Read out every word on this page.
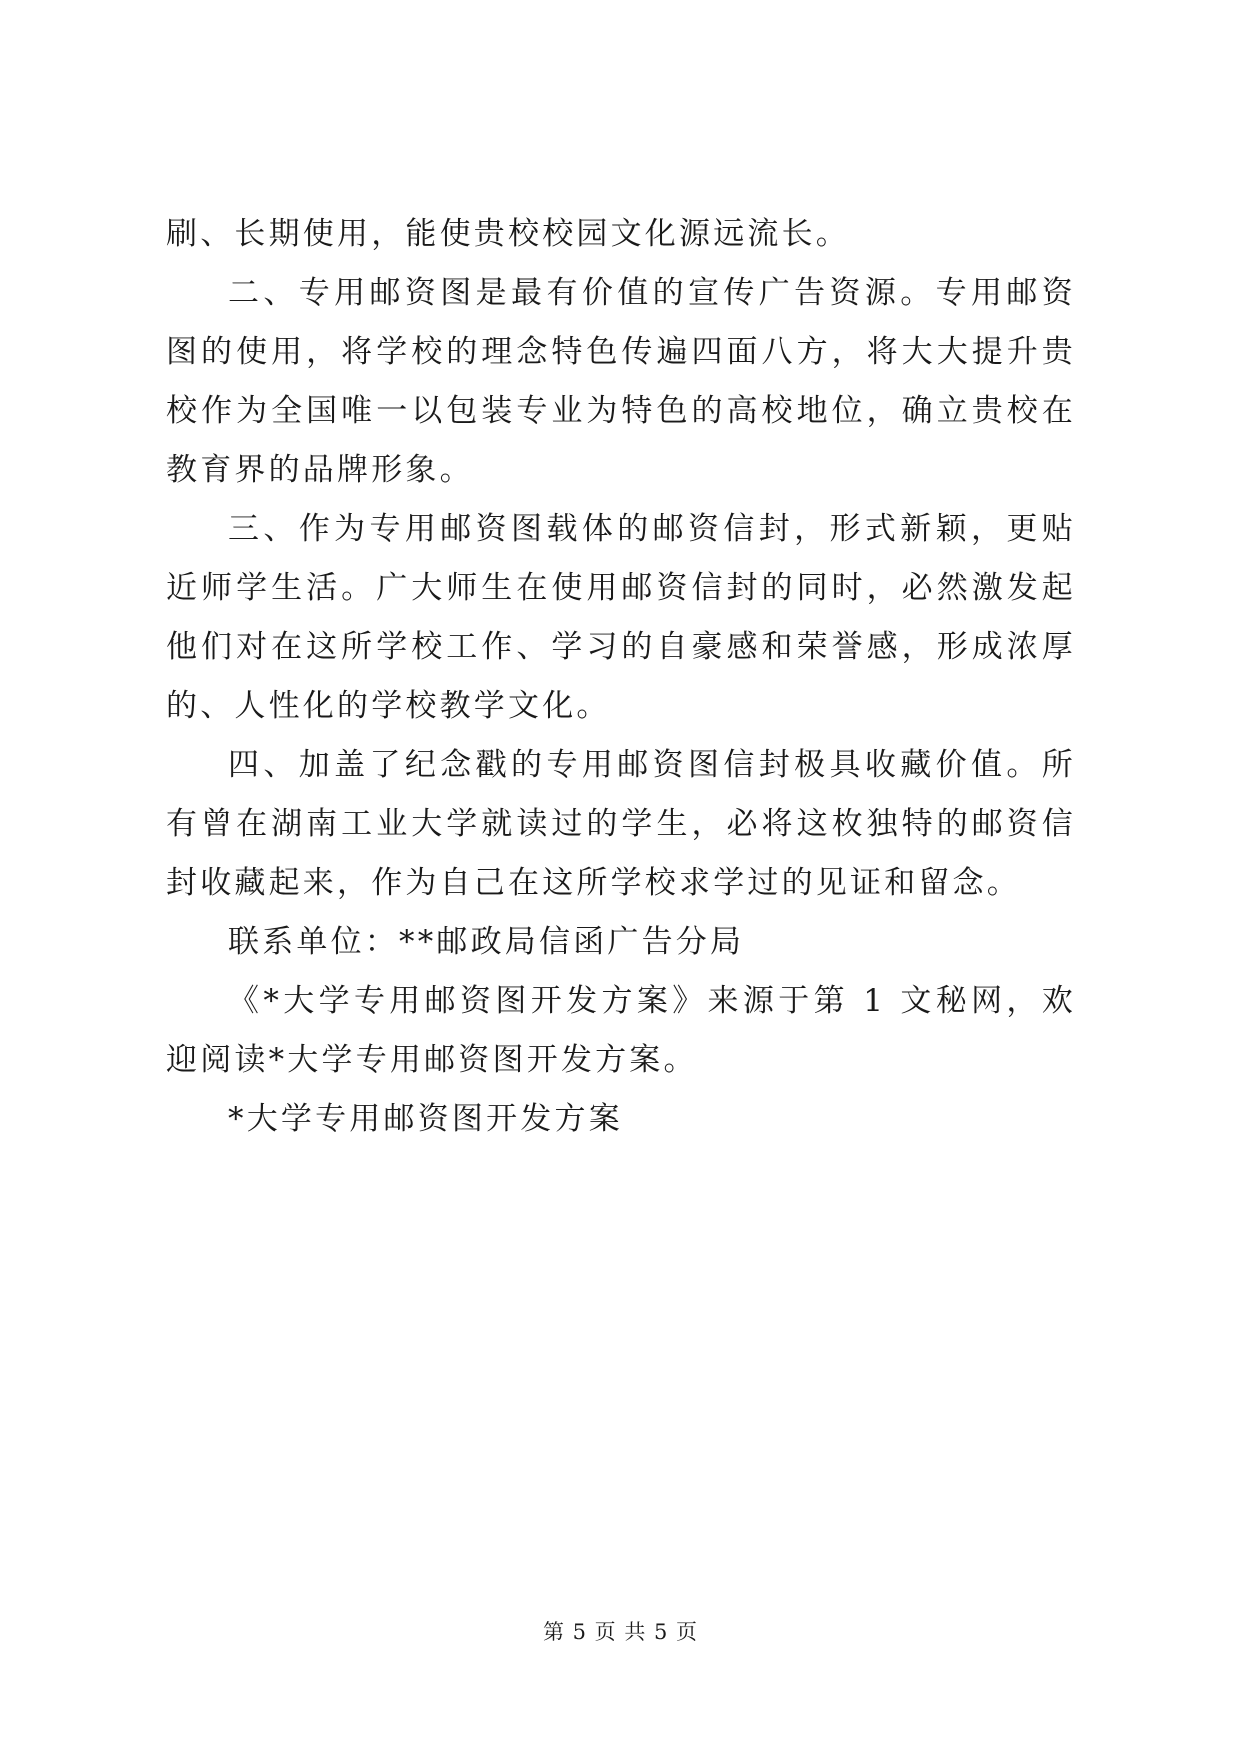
刷、长期使用，能使贵校校园文化源远流长。

二、专用邮资图是最有价值的宣传广告资源。专用邮资图的使用，将学校的理念特色传遍四面八方，将大大提升贵校作为全国唯一以包装专业为特色的高校地位，确立贵校在教育界的品牌形象。

三、作为专用邮资图载体的邮资信封，形式新颖，更贴近师学生活。广大师生在使用邮资信封的同时，必然激发起他们对在这所学校工作、学习的自豪感和荣誉感，形成浓厚的、人性化的学校教学文化。

四、加盖了纪念戳的专用邮资图信封极具收藏价值。所有曾在湖南工业大学就读过的学生，必将这枚独特的邮资信封收藏起来，作为自己在这所学校求学过的见证和留念。

联系单位：**邮政局信函广告分局

《*大学专用邮资图开发方案》来源于第 1 文秘网，欢迎阅读*大学专用邮资图开发方案。

*大学专用邮资图开发方案

第 5 页 共 5 页
